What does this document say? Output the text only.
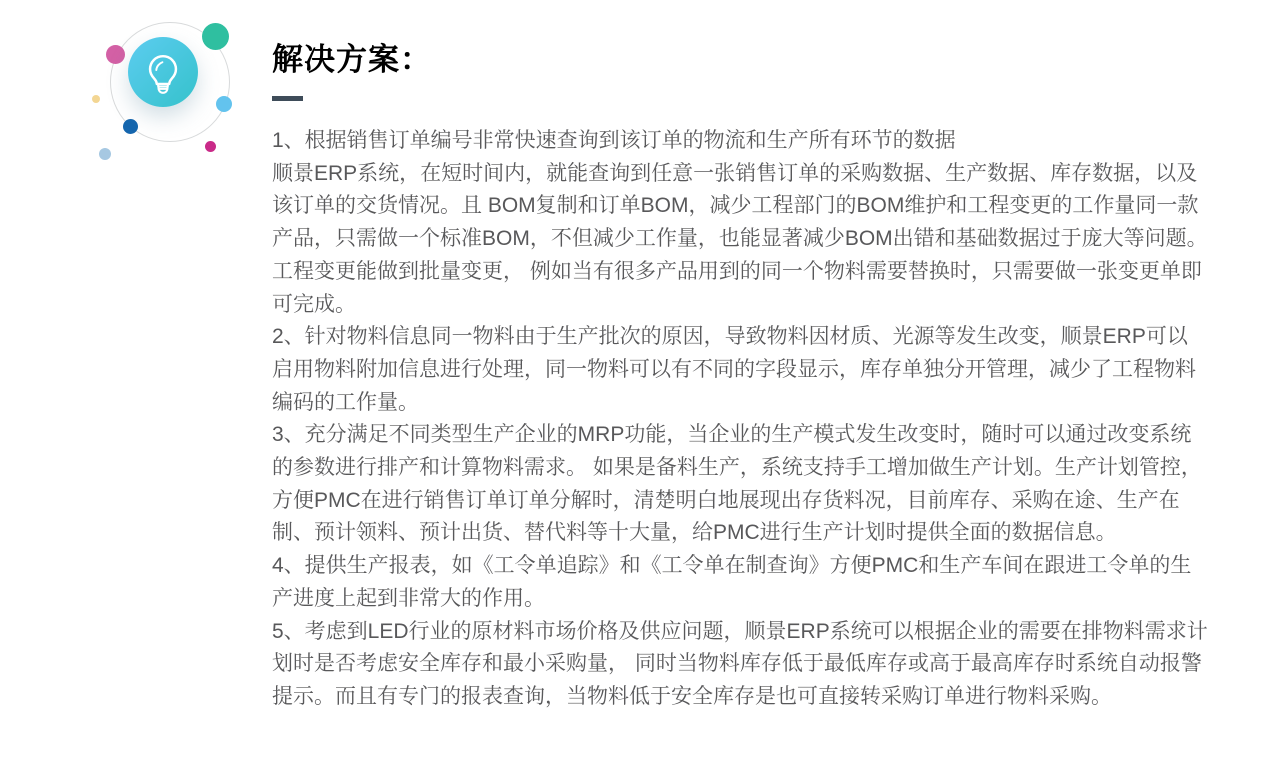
解决方案：

1、根据销售订单编号非常快速查询到该订单的物流和生产所有环节的数据

顺景ERP系统，在短时间内，就能查询到任意一张销售订单的采购数据、生产数据、库存数据，以及该订单的交货情况。且 BOM复制和订单BOM，减少工程部门的BOM维护和工程变更的工作量同一款产品，只需做一个标准BOM，不但减少工作量，也能显著减少BOM出错和基础数据过于庞大等问题。工程变更能做到批量变更， 例如当有很多产品用到的同一个物料需要替换时，只需要做一张变更单即可完成。

2、针对物料信息同一物料由于生产批次的原因，导致物料因材质、光源等发生改变，顺景ERP可以启用物料附加信息进行处理，同一物料可以有不同的字段显示，库存单独分开管理，减少了工程物料编码的工作量。

3、充分满足不同类型生产企业的MRP功能，当企业的生产模式发生改变时，随时可以通过改变系统的参数进行排产和计算物料需求。 如果是备料生产，系统支持手工增加做生产计划。生产计划管控，方便PMC在进行销售订单订单分解时，清楚明白地展现出存货料况，目前库存、采购在途、生产在制、预计领料、预计出货、替代料等十大量，给PMC进行生产计划时提供全面的数据信息。

4、提供生产报表，如《工令单追踪》和《工令单在制查询》方便PMC和生产车间在跟进工令单的生产进度上起到非常大的作用。

5、考虑到LED行业的原材料市场价格及供应问题，顺景ERP系统可以根据企业的需要在排物料需求计划时是否考虑安全库存和最小采购量， 同时当物料库存低于最低库存或高于最高库存时系统自动报警提示。而且有专门的报表查询，当物料低于安全库存是也可直接转采购订单进行物料采购。
